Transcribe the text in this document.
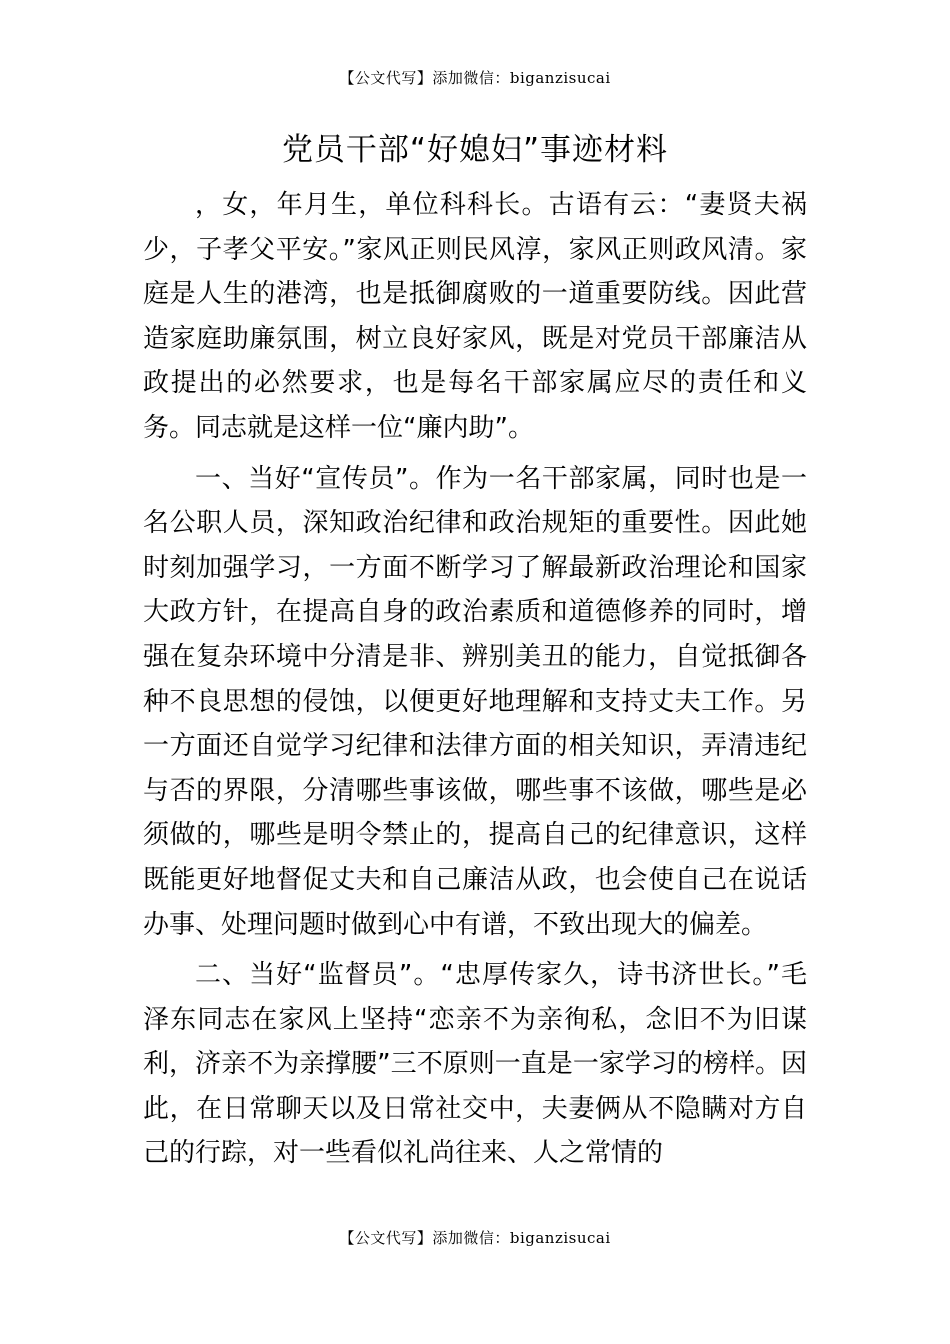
【公文代写】添加微信：biganzisucai
党员干部“好媳妇”事迹材料

，女，年月生，单位科科长。古语有云：“妻贤夫祸少，子孝父平安。”家风正则民风淳，家风正则政风清。家庭是人生的港湾，也是抵御腐败的一道重要防线。因此营造家庭助廉氛围，树立良好家风，既是对党员干部廉洁从政提出的必然要求，也是每名干部家属应尽的责任和义务。同志就是这样一位“廉内助”。

一、当好“宣传员”。作为一名干部家属，同时也是一名公职人员，深知政治纪律和政治规矩的重要性。因此她时刻加强学习，一方面不断学习了解最新政治理论和国家大政方针，在提高自身的政治素质和道德修养的同时，增强在复杂环境中分清是非、辨别美丑的能力，自觉抵御各种不良思想的侵蚀，以便更好地理解和支持丈夫工作。另一方面还自觉学习纪律和法律方面的相关知识，弄清违纪与否的界限，分清哪些事该做，哪些事不该做，哪些是必须做的，哪些是明令禁止的，提高自己的纪律意识，这样既能更好地督促丈夫和自己廉洁从政，也会使自己在说话办事、处理问题时做到心中有谱，不致出现大的偏差。

二、当好“监督员”。“忠厚传家久，诗书济世长。”毛泽东同志在家风上坚持“恋亲不为亲徇私，念旧不为旧谋利，济亲不为亲撑腰”三不原则一直是一家学习的榜样。因此，在日常聊天以及日常社交中，夫妻俩从不隐瞒对方自己的行踪，对一些看似礼尚往来、人之常情的

【公文代写】添加微信：biganzisucai
